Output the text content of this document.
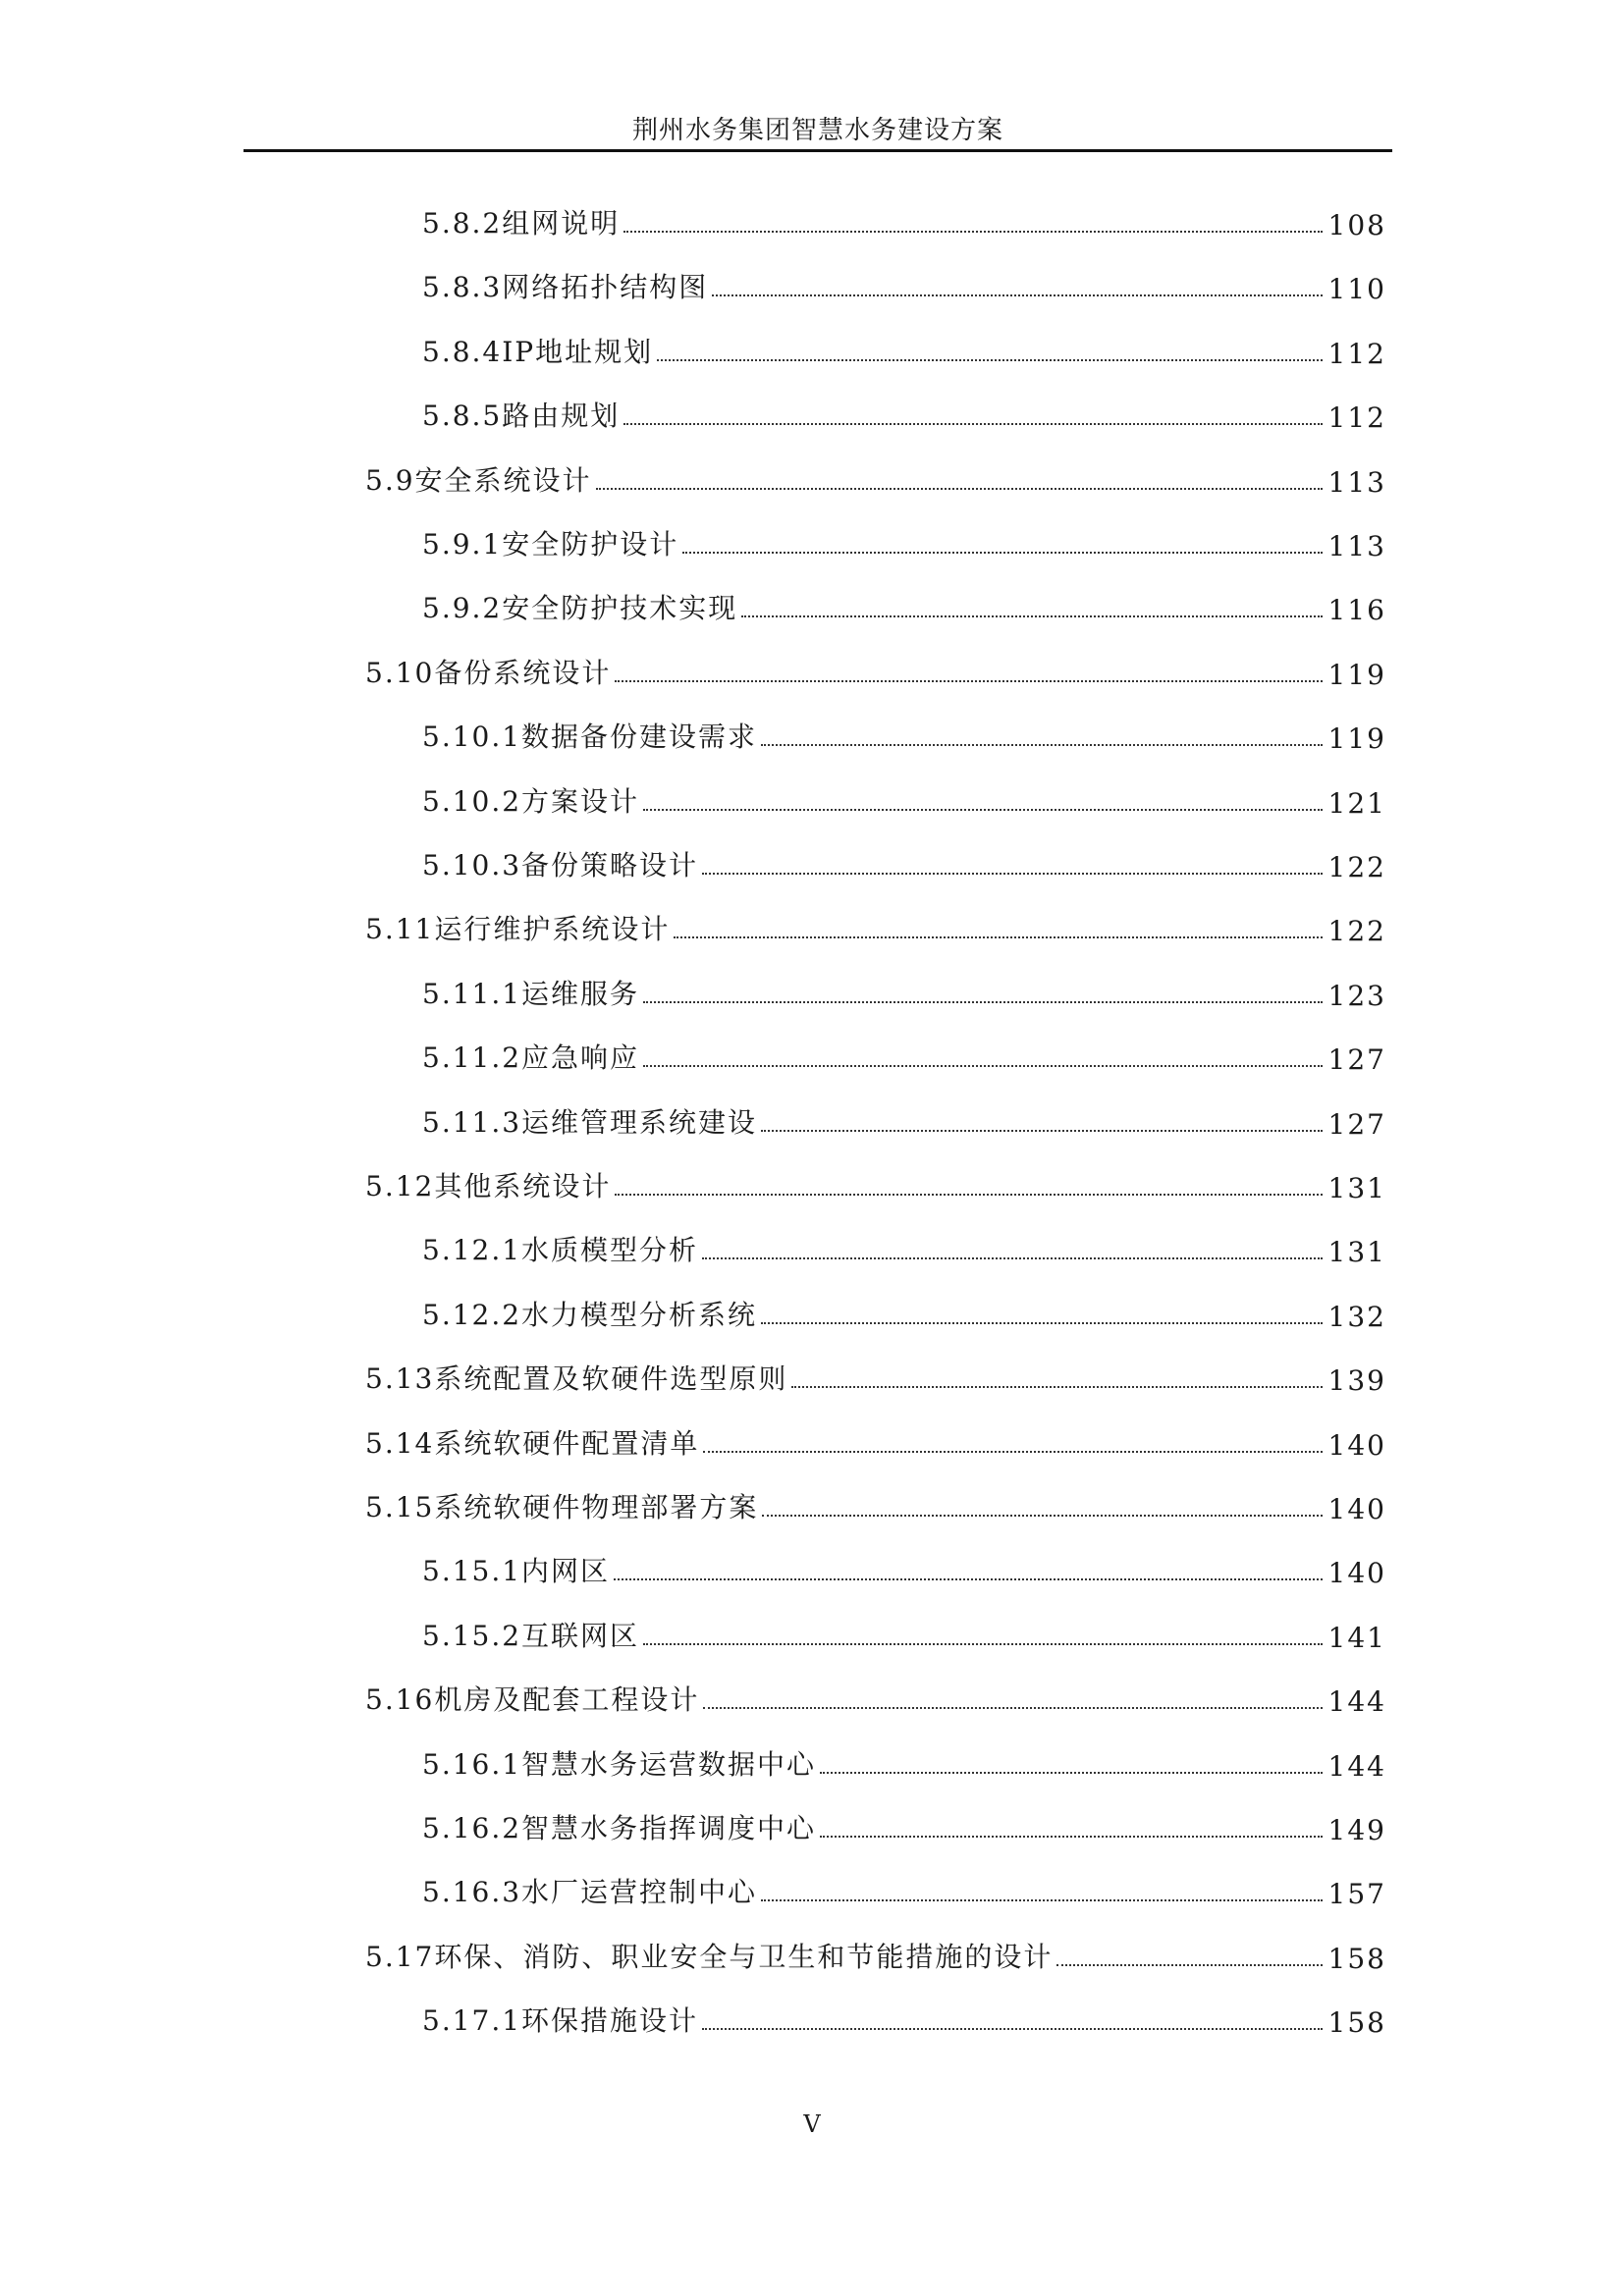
荆州水务集团智慧水务建设方案
5.8.2组网说明	108
5.8.3网络拓扑结构图	110
5.8.4IP地址规划	112
5.8.5路由规划	112
5.9安全系统设计	113
5.9.1安全防护设计	113
5.9.2安全防护技术实现	116
5.10备份系统设计	119
5.10.1数据备份建设需求	119
5.10.2方案设计	121
5.10.3备份策略设计	122
5.11运行维护系统设计	122
5.11.1运维服务	123
5.11.2应急响应	127
5.11.3运维管理系统建设	127
5.12其他系统设计	131
5.12.1水质模型分析	131
5.12.2水力模型分析系统	132
5.13系统配置及软硬件选型原则	139
5.14系统软硬件配置清单	140
5.15系统软硬件物理部署方案	140
5.15.1内网区	140
5.15.2互联网区	141
5.16机房及配套工程设计	144
5.16.1智慧水务运营数据中心	144
5.16.2智慧水务指挥调度中心	149
5.16.3水厂运营控制中心	157
5.17环保、消防、职业安全与卫生和节能措施的设计	158
5.17.1环保措施设计	158
V
